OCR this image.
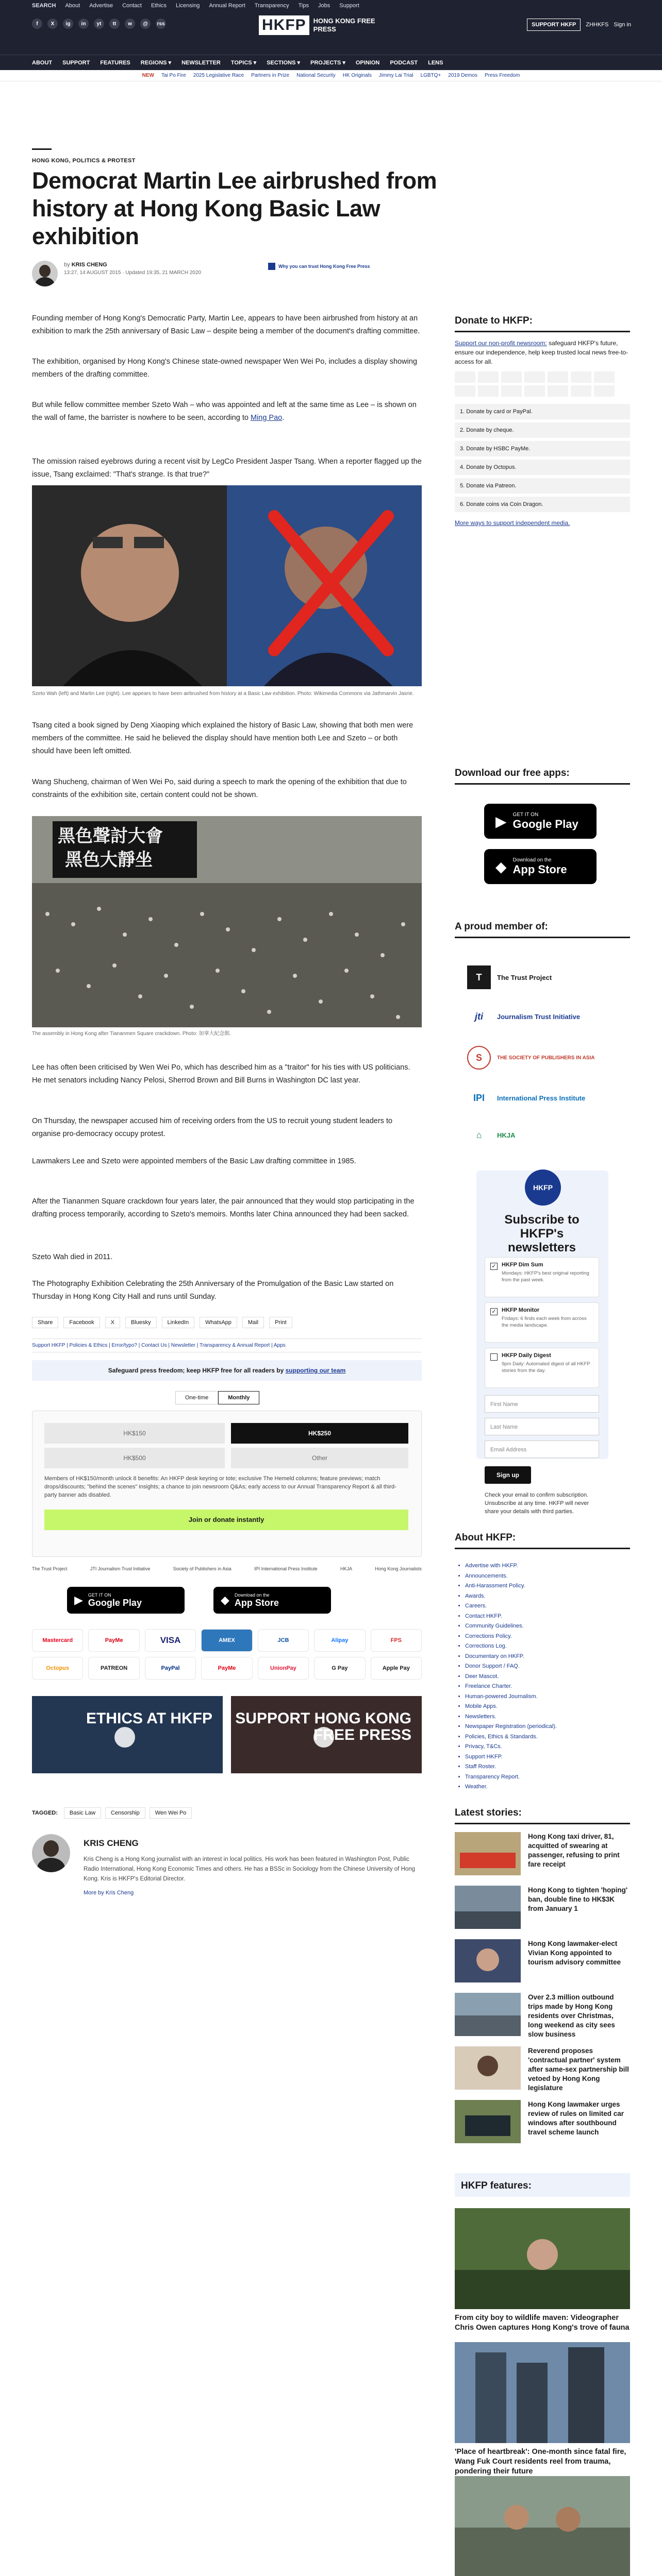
SEARCH About Advertise Contact Ethics Licensing Annual Report Transparency Tips Jobs Support
f	X	ig	in	yt	tt	w	@	rss	HKFP	HONG KONG FREE PRESS
SUPPORT HKFP	ZHHKFS Sign in
ABOUT SUPPORT FEATURES REGIONS ▾ NEWSLETTER TOPICS ▾ SECTIONS ▾ PROJECTS ▾ OPINION PODCAST LENS
NEW Tai Po Fire 2025 Legislative Race Partners in Prize National Security HK Originals Jimmy Lai Trial LGBTQ+ 2019 Demos Press Freedom
HONG KONG, POLITICS & PROTEST
Democrat Martin Lee airbrushed from history at Hong Kong Basic Law exhibition
by KRIS CHENG
13:27, 14 AUGUST 2015 · Updated 19:35, 21 MARCH 2020
Why you can trust Hong Kong Free Press

Founding member of Hong Kong's Democratic Party, Martin Lee, appears to have been airbrushed from history at an exhibition to mark the 25th anniversary of Basic Law – despite being a member of the document's drafting committee.

The exhibition, organised by Hong Kong's Chinese state-owned newspaper Wen Wei Po, includes a display showing members of the drafting committee.

But while fellow committee member Szeto Wah – who was appointed and left at the same time as Lee – is shown on the wall of fame, the barrister is nowhere to be seen, according to Ming Pao.

The omission raised eyebrows during a recent visit by LegCo President Jasper Tsang. When a reporter flagged up the issue, Tsang exclaimed: "That's strange. Is that true?"

Szeto Wah (left) and Martin Lee (right). Lee appears to have been airbrushed from history at a Basic Law exhibition. Photo: Wikimedia Commons via Jathmarvin Jasrie.

Tsang cited a book signed by Deng Xiaoping which explained the history of Basic Law, showing that both men were members of the committee. He said he believed the display should have mention both Lee and Szeto – or both should have been left omitted.

Wang Shucheng, chairman of Wen Wei Po, said during a speech to mark the opening of the exhibition that due to constraints of the exhibition site, certain content could not be shown.

黑色聲討大會
黑色大靜坐

The assembly in Hong Kong after Tiananmen Square crackdown. Photo: 加拿大紀念館.

Lee has often been criticised by Wen Wei Po, which has described him as a "traitor" for his ties with US politicians. He met senators including Nancy Pelosi, Sherrod Brown and Bill Burns in Washington DC last year.

On Thursday, the newspaper accused him of receiving orders from the US to recruit young student leaders to organise pro-democracy occupy protest.

Lawmakers Lee and Szeto were appointed members of the Basic Law drafting committee in 1985.

After the Tiananmen Square crackdown four years later, the pair announced that they would stop participating in the drafting process temporarily, according to Szeto's memoirs. Months later China announced they had been sacked.

Szeto Wah died in 2011.

The Photography Exhibition Celebrating the 25th Anniversary of the Promulgation of the Basic Law started on Thursday in Hong Kong City Hall and runs until Sunday.

Share	Facebook	X	Bluesky	LinkedIn	WhatsApp	Mail	Print
Support HKFP | Policies & Ethics | Error/typo? | Contact Us | Newsletter | Transparency & Annual Report | Apps
Safeguard press freedom; keep HKFP free for all readers by supporting our team
One-time	Monthly
HK$150	HK$250
HK$500	Other

Members of HK$150/month unlock 8 benefits: An HKFP desk keyring or tote; exclusive The Hemeld columns; feature previews; match drops/discounts; "behind the scenes" insights; a chance to join newsroom Q&As; early access to our Annual Transparency Report & all third-party banner ads disabled.

Join or donate instantly
The Trust Project	JTI Journalism Trust Initiative	Society of Publishers in Asia	IPI International Press Institute	HKJA	Hong Kong Journalists
▶ GET IT ON
Google Play	◆ Download on the
App Store
Mastercard	PayMe	VISA	AMEX	JCB	Alipay	FPS
Octopus	PATREON	PayPal	PayMe	UnionPay	G Pay	Apple Pay
ETHICS AT HKFP SUPPORT HONG KONG FREE PRESS
TAGGED:	Basic Law	Censorship	Wen Wei Po
KRIS CHENG
Kris Cheng is a Hong Kong journalist with an interest in local politics. His work has been featured in Washington Post, Public Radio International, Hong Kong Economic Times and others. He has a BSSc in Sociology from the Chinese University of Hong Kong. Kris is HKFP's Editorial Director.
More by Kris Cheng
Donate to HKFP:

Support our non-profit newsroom: safeguard HKFP's future, ensure our independence, help keep trusted local news free-to-access for all.

1. Donate by card or PayPal.
2. Donate by cheque.
3. Donate by HSBC PayMe.
4. Donate by Octopus.
5. Donate via Patreon.
6. Donate coins via Coin Dragon.
More ways to support independent media.
Download our free apps:
▶ GET IT ON
Google Play
◆ Download on the
App Store
A proud member of:
T	The Trust Project
jti	Journalism Trust Initiative
S	THE SOCIETY OF PUBLISHERS IN ASIA
IPI	International Press Institute
⌂	HKJA
HKFP
Subscribe to HKFP's newsletters
✓ HKFP Dim Sum
Mondays: HKFP's best original reporting from the past week.
✓ HKFP Monitor
Fridays: 6 finds each week from across the media landscape.
HKFP Daily Digest
9pm Daily: Automated digest of all HKFP stories from the day.
First Name
Last Name
Email Address
Sign up

Check your email to confirm subscription. Unsubscribe at any time. HKFP will never share your details with third parties.

About HKFP:
• Advertise with HKFP.
• Announcements.
• Anti-Harassment Policy.
• Awards.
• Careers.
• Contact HKFP.
• Community Guidelines.
• Corrections Policy.
• Corrections Log.
• Documentary on HKFP.
• Donor Support / FAQ.
• Deer Mascot.
• Freelance Charter.
• Human-powered Journalism.
• Mobile Apps.
• Newsletters.
• Newspaper Registration (periodical).
• Policies, Ethics & Standards.
• Privacy, T&Cs.
• Support HKFP.
• Staff Roster.
• Transparency Report.
• Weather.
Latest stories:
Hong Kong taxi driver, 81, acquitted of swearing at passenger, refusing to print fare receipt
Hong Kong to tighten 'hoping' ban, double fine to HK$3K from January 1
Hong Kong lawmaker-elect Vivian Kong appointed to tourism advisory committee
Over 2.3 million outbound trips made by Hong Kong residents over Christmas, long weekend as city sees slow business
Reverend proposes 'contractual partner' system after same-sex partnership bill vetoed by Hong Kong legislature
Hong Kong lawmaker urges review of rules on limited car windows after southbound travel scheme launch
HKFP features:
From city boy to wildlife maven: Videographer Chris Owen captures Hong Kong's trove of fauna
'Place of heartbreak': One-month since fatal fire, Wang Fuk Court residents reel from trauma, pondering their future
